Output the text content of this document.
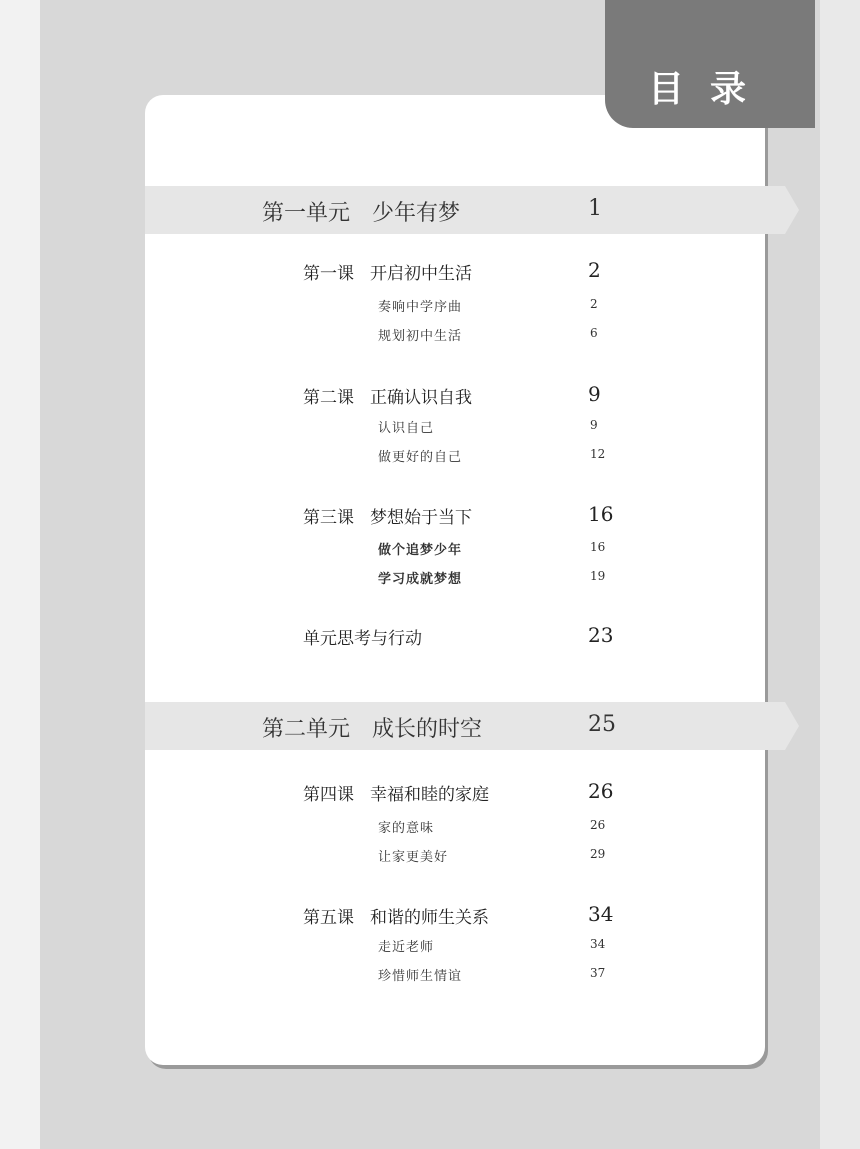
目录
第一单元 少年有梦	1
第一课 开启初中生活	2
奏响中学序曲	2
规划初中生活	6
第二课 正确认识自我	9
认识自己	9
做更好的自己	12
第三课 梦想始于当下	16
做个追梦少年	16
学习成就梦想	19
单元思考与行动	23
第二单元 成长的时空	25
第四课 幸福和睦的家庭	26
家的意味	26
让家更美好	29
第五课 和谐的师生关系	34
走近老师	34
珍惜师生情谊	37
